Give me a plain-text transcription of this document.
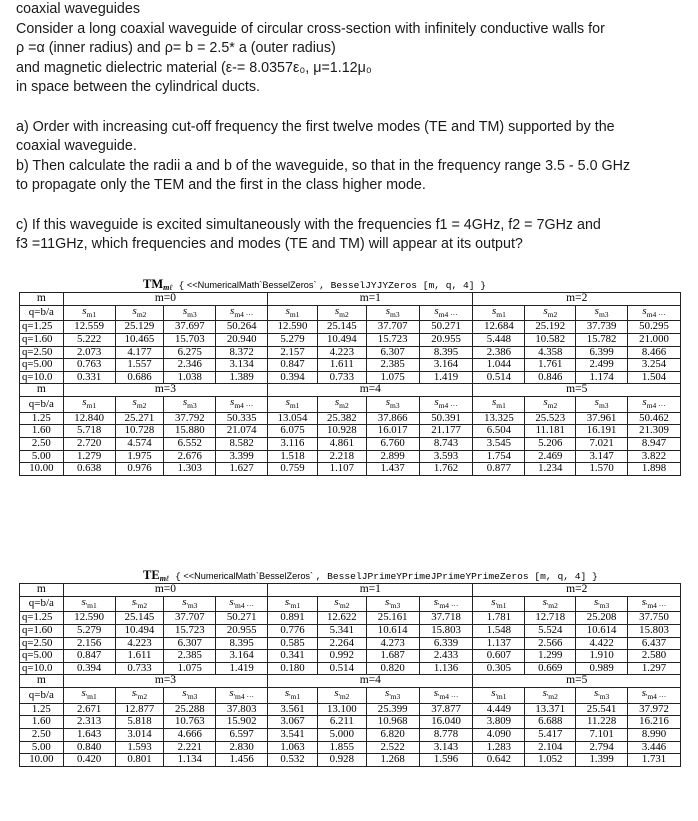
coaxial waveguides

Consider a long coaxial waveguide of circular cross-section with infinitely conductive walls for

ρ =α (inner radius) and ρ= b = 2.5* a (outer radius)

and magnetic dielectric material (ε-= 8.0357ε₀, μ=1.12μ₀

in space between the cylindrical ducts.

a) Order with increasing cut-off frequency the first twelve modes (TE and TM) supported by the

coaxial waveguide.

b) Then calculate the radii a and b of the waveguide, so that in the frequency range 3.5 - 5.0 GHz

to propagate only the TEM and the first in the class higher mode.

c) If this waveguide is excited simultaneously with the frequencies f1 = 4GHz, f2 = 7GHz and

f3 =11GHz, which frequencies and modes (TE and TM) will appear at its output?

$TM_{m\ell}$ { <<NumericalMath`BesselZeros` , BesselJYJYZeros [m, q, 4] }
m	m=0				m=1				m=2			
q=b/a	$s_{m1}$	$s_{m2}$	$s_{m3}$	$s_{m4 \cdot\cdot\cdot}$	$s_{m1}$	$s_{m2}$	$s_{m3}$	$s_{m4 \cdot\cdot\cdot}$	$s_{m1}$	$s_{m2}$	$s_{m3}$	$s_{m4 \cdot\cdot\cdot}$
q=1.25	12.559	25.129	37.697	50.264	12.590	25.145	37.707	50.271	12.684	25.192	37.739	50.295
q=1.60	5.222	10.465	15.703	20.940	5.279	10.494	15.723	20.955	5.448	10.582	15.782	21.000
q=2.50	2.073	4.177	6.275	8.372	2.157	4.223	6.307	8.395	2.386	4.358	6.399	8.466
q=5.00	0.763	1.557	2.346	3.134	0.847	1.611	2.385	3.164	1.044	1.761	2.499	3.254
q=10.0	0.331	0.686	1.038	1.389	0.394	0.733	1.075	1.419	0.514	0.846	1.174	1.504
m	m=3				m=4				m=5			
q=b/a	$s_{m1}$	$s_{m2}$	$s_{m3}$	$s_{m4 \cdot\cdot\cdot}$	$s_{m1}$	$s_{m2}$	$s_{m3}$	$s_{m4 \cdot\cdot\cdot}$	$s_{m1}$	$s_{m2}$	$s_{m3}$	$s_{m4 \cdot\cdot\cdot}$
1.25	12.840	25.271	37.792	50.335	13.054	25.382	37.866	50.391	13.325	25.523	37.961	50.462
1.60	5.718	10.728	15.880	21.074	6.075	10.928	16.017	21.177	6.504	11.181	16.191	21.309
2.50	2.720	4.574	6.552	8.582	3.116	4.861	6.760	8.743	3.545	5.206	7.021	8.947
5.00	1.279	1.975	2.676	3.399	1.518	2.218	2.899	3.593	1.754	2.469	3.147	3.822
10.00	0.638	0.976	1.303	1.627	0.759	1.107	1.437	1.762	0.877	1.234	1.570	1.898
$TE_{m\ell}$ { <<NumericalMath`BesselZeros` , BesselJPrimeYPrimeJPrimeYPrimeZeros [m, q, 4] }
m	m=0				m=1				m=2			
q=b/a	$s_{'m1}$	$s_{'m2}$	$s_{'m3}$	$s_{'m4 \cdot\cdot\cdot}$	$s_{'m1}$	$s_{'m2}$	$s_{'m3}$	$s_{'m4 \cdot\cdot\cdot}$	$s_{'m1}$	$s_{'m2}$	$s_{'m3}$	$s_{'m4 \cdot\cdot\cdot}$
q=1.25	12.590	25.145	37.707	50.271	0.891	12.622	25.161	37.718	1.781	12.718	25.208	37.750
q=1.60	5.279	10.494	15.723	20.955	0.776	5.341	10.614	15.803	1.548	5.524	10.614	15.803
q=2.50	2.156	4.223	6.307	8.395	0.585	2.264	4.273	6.339	1.137	2.566	4.422	6.437
q=5.00	0.847	1.611	2.385	3.164	0.341	0.992	1.687	2.433	0.607	1.299	1.910	2.580
q=10.0	0.394	0.733	1.075	1.419	0.180	0.514	0.820	1.136	0.305	0.669	0.989	1.297
m	m=3				m=4				m=5			
q=b/a	$s_{'m1}$	$s_{'m2}$	$s_{'m3}$	$s_{'m4 \cdot\cdot\cdot}$	$s_{'m1}$	$s_{'m2}$	$s_{'m3}$	$s_{'m4 \cdot\cdot\cdot}$	$s_{'m1}$	$s_{'m2}$	$s_{'m3}$	$s_{'m4 \cdot\cdot\cdot}$
1.25	2.671	12.877	25.288	37.803	3.561	13.100	25.399	37.877	4.449	13.371	25.541	37.972
1.60	2.313	5.818	10.763	15.902	3.067	6.211	10.968	16.040	3.809	6.688	11.228	16.216
2.50	1.643	3.014	4.666	6.597	3.541	5.000	6.820	8.778	4.090	5.417	7.101	8.990
5.00	0.840	1.593	2.221	2.830	1.063	1.855	2.522	3.143	1.283	2.104	2.794	3.446
10.00	0.420	0.801	1.134	1.456	0.532	0.928	1.268	1.596	0.642	1.052	1.399	1.731
